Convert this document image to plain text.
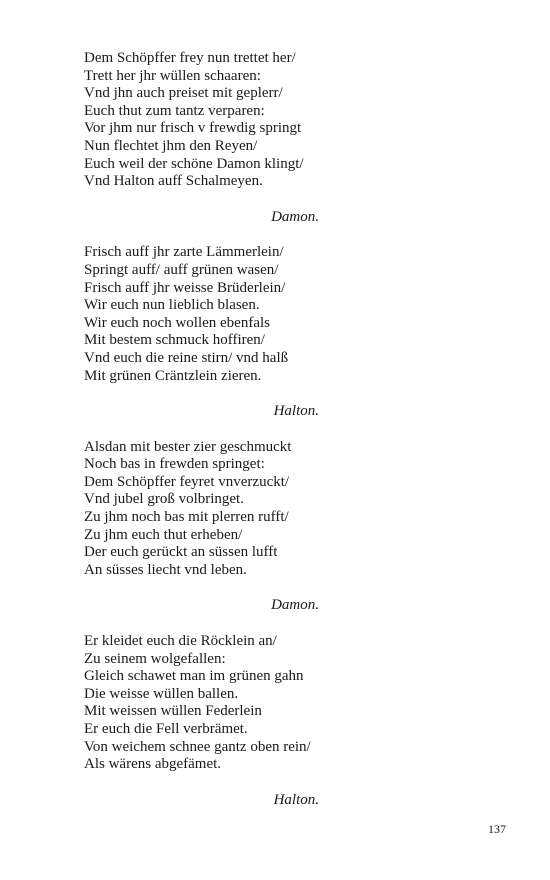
Dem Schöpffer frey nun trettet her/
Trett her jhr wüllen schaaren:
Vnd jhn auch preiset mit geplerr/
Euch thut zum tantz verparen:
Vor jhm nur frisch v frewdig springt
Nun flechtet jhm den Reyen/
Euch weil der schöne Damon klingt/
Vnd Halton auff Schalmeyen.
Damon.
Frisch auff jhr zarte Lämmerlein/
Springt auff/ auff grünen wasen/
Frisch auff jhr weisse Brüderlein/
Wir euch nun lieblich blasen.
Wir euch noch wollen ebenfals
Mit bestem schmuck hoffiren/
Vnd euch die reine stirn/ vnd halß
Mit grünen Cräntzlein zieren.
Halton.
Alsdan mit bester zier geschmuckt
Noch bas in frewden springet:
Dem Schöpffer feyret vnverzuckt/
Vnd jubel groß volbringet.
Zu jhm noch bas mit plerren rufft/
Zu jhm euch thut erheben/
Der euch gerückt an süssen lufft
An süsses liecht vnd leben.
Damon.
Er kleidet euch die Röcklein an/
Zu seinem wolgefallen:
Gleich schawet man im grünen gahn
Die weisse wüllen ballen.
Mit weissen wüllen Federlein
Er euch die Fell verbrämet.
Von weichem schnee gantz oben rein/
Als wärens abgefämet.
Halton.
137
